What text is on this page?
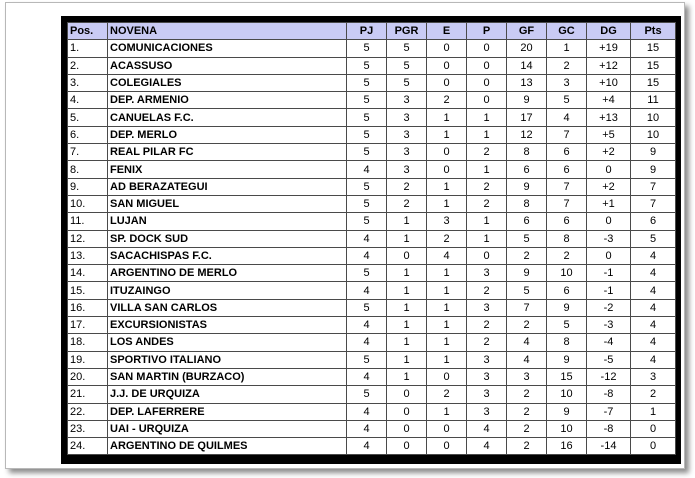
Pos.	NOVENA	PJ	PGR	E	P	GF	GC	DG	Pts
1.	COMUNICACIONES	5	5	0	0	20	1	+19	15
2.	ACASSUSO	5	5	0	0	14	2	+12	15
3.	COLEGIALES	5	5	0	0	13	3	+10	15
4.	DEP. ARMENIO	5	3	2	0	9	5	+4	11
5.	CANUELAS F.C.	5	3	1	1	17	4	+13	10
6.	DEP. MERLO	5	3	1	1	12	7	+5	10
7.	REAL PILAR FC	5	3	0	2	8	6	+2	9
8.	FENIX	4	3	0	1	6	6	0	9
9.	AD BERAZATEGUI	5	2	1	2	9	7	+2	7
10.	SAN MIGUEL	5	2	1	2	8	7	+1	7
11.	LUJAN	5	1	3	1	6	6	0	6
12.	SP. DOCK SUD	4	1	2	1	5	8	-3	5
13.	SACACHISPAS F.C.	4	0	4	0	2	2	0	4
14.	ARGENTINO DE MERLO	5	1	1	3	9	10	-1	4
15.	ITUZAINGO	4	1	1	2	5	6	-1	4
16.	VILLA SAN CARLOS	5	1	1	3	7	9	-2	4
17.	EXCURSIONISTAS	4	1	1	2	2	5	-3	4
18.	LOS ANDES	4	1	1	2	4	8	-4	4
19.	SPORTIVO ITALIANO	5	1	1	3	4	9	-5	4
20.	SAN MARTIN (BURZACO)	4	1	0	3	3	15	-12	3
21.	J.J. DE URQUIZA	5	0	2	3	2	10	-8	2
22.	DEP. LAFERRERE	4	0	1	3	2	9	-7	1
23.	UAI - URQUIZA	4	0	0	4	2	10	-8	0
24.	ARGENTINO DE QUILMES	4	0	0	4	2	16	-14	0
